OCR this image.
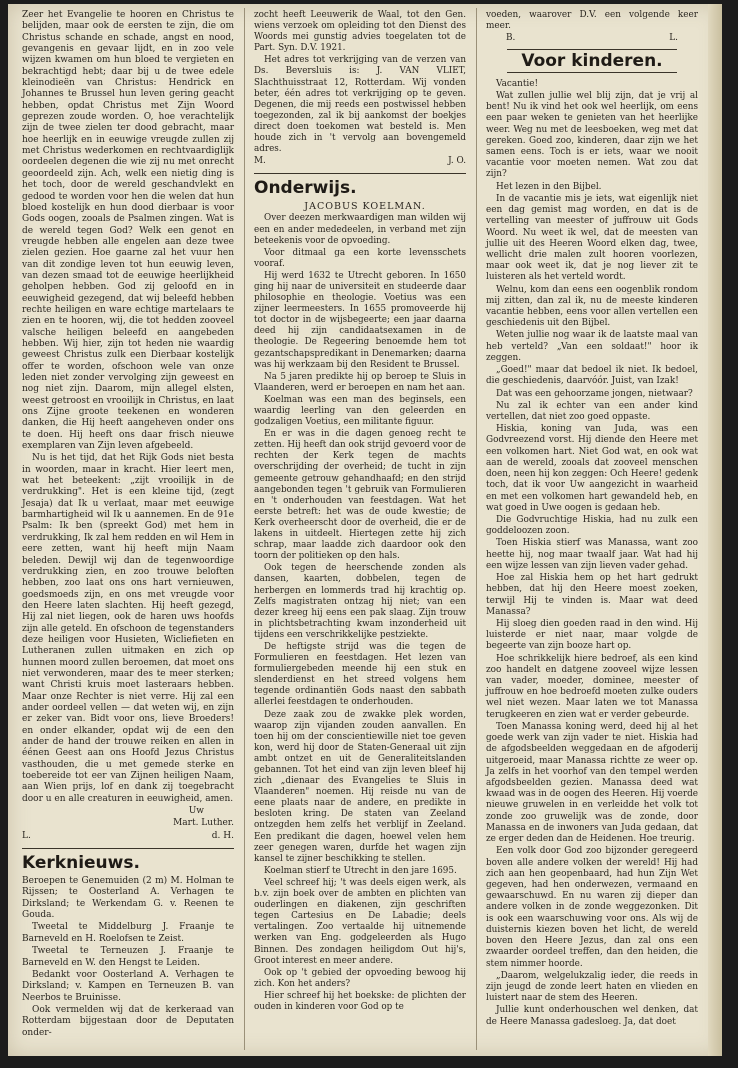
Zeer het Evangelie te hooren en Christus te belijden, maar ook de eersten te zijn, die om Christus schande en schade, angst en nood, gevangenis en gevaar lijdt, en in zoo vele wijzen kwamen om hun bloed te vergieten en bekrachtigd hebt; daar bij u de twee edele kleinodieën van Christus: Hendrick en Johannes te Brussel hun leven gering geacht hebben, opdat Christus met Zijn Woord geprezen zoude worden. O, hoe verachtelijk zijn de twee zielen ter dood gebracht, maar hoe heerlijk en in eeuwige vreugde zullen zij met Christus wederkomen en rechtvaardiglijk oordeelen degenen die wie zij nu met onrecht geoordeeld zijn. Ach, welk een nietig ding is het toch, door de wereld geschandvlekt en gedood te worden voor hen die welen dat hun bloed kostelijk en hun dood dierbaar is voor Gods oogen, zooals de Psalmen zingen. Wat is de wereld tegen God? Welk een genot en vreugde hebben alle engelen aan deze twee zielen gezien. Hoe gaarne zal het vuur hen van dit zondige leven tot hun eeuwig leven, van dezen smaad tot de eeuwige heerlijkheid geholpen hebben. God zij geloofd en in eeuwigheid gezegend, dat wij beleefd hebben rechte heiligen en ware echtige martelaars te zien en te hooren, wij, die tot hedden zooveel valsche heiligen beleefd en aangebeden hebben. Wij hier, zijn tot heden nie waardig geweest Christus zulk een Dierbaar kostelijk offer te worden, ofschoon wele van onze leden niet zonder vervolging zijn geweest en nog niet zijn. Daarom, mijn allegel elsten, weest getroost en vrooilijk in Christus, en laat ons Zijne groote teekenen en wonderen danken, die Hij heeft aangeheven onder ons te doen. Hij heeft ons daar frisch nieuwe exemplaren van Zijn leven afgebeeld.

Nu is het tijd, dat het Rijk Gods niet besta in woorden, maar in kracht. Hier leert men, wat het beteekent: „zijt vrooilijk in de verdrukking". Het is een kleine tijd, (zegt Jesaja) dat Ik u verlaat, maar met eeuwige barmhartigheid wil Ik u aannemen. En de 91e Psalm: Ik ben (spreekt God) met hem in verdrukking, Ik zal hem redden en wil Hem in eere zetten, want hij heeft mijn Naam beleden. Dewijl wij dan de tegenwoordige verdrukking zien, en zoo trouwe beloften hebben, zoo laat ons ons hart vernieuwen, goedsmoeds zijn, en ons met vreugde voor den Heere laten slachten. Hij heeft gezegd, Hij zal niet liegen, ook de haren uws hoofds zijn alle geteld. En ofschoon de tegenstanders deze heiligen voor Husieten, Wicliefieten en Lutheranen zullen uitmaken en zich op hunnen moord zullen beroemen, dat moet ons niet verwonderen, maar des te meer sterken; want Christi kruis moet lasteraars hebben. Maar onze Rechter is niet verre. Hij zal een ander oordeel vellen — dat weten wij, en zijn er zeker van. Bidt voor ons, lieve Broeders! en onder elkander, opdat wij de een den ander de hand der trouwe reiken en allen in éénen Geest aan ons Hoofd Jezus Christus vasthouden, die u met gemede sterke en toebereide tot eer van Zijnen heiligen Naam, aan Wien prijs, lof en dank zij toegebracht door u en alle creaturen in eeuwigheid, amen.

Uw

Mart. Luther.

L.	d. H.
Kerknieuws.

Beroepen te Genemuiden (2 m) M. Holman te Rijssen; te Oosterland A. Verhagen te Dirksland; te Werkendam G. v. Reenen te Gouda.

Tweetal te Middelburg J. Fraanje te Barneveld en H. Roelofsen te Zeist.

Tweetal te Terneuzen J. Fraanje te Barneveld en W. den Hengst te Leiden.

Bedankt voor Oosterland A. Verhagen te Dirksland; v. Kampen en Terneuzen B. van Neerbos te Bruinisse.

Ook vermelden wij dat de kerkeraad van Rotterdam bijgestaan door de Deputaten onder-

zocht heeft Leeuwerik de Waal, tot den Gen. wiens verzoek om opleiding tot den Dienst des Woords mei gunstig advies toegelaten tot de Part. Syn. D.V. 1921.

Het adres tot verkrijging van de verzen van Ds. Beversluis is: J. VAN VLIET, Slachthuisstraat 12, Rotterdam. Wij vonden beter, één adres tot verkrijging op te geven. Degenen, die mij reeds een postwissel hebben toegezonden, zal ik bij aankomst der boekjes direct doen toekomen wat besteld is. Men houde zich in 't vervolg aan bovengemeld adres.

M.	J. O.
Onderwijs.

JACOBUS KOELMAN.

Over deezen merkwaardigen man wilden wij een en ander mededeelen, in verband met zijn beteekenis voor de opvoeding.

Voor ditmaal ga een korte levensschets vooraf.

Hij werd 1632 te Utrecht geboren. In 1650 ging hij naar de universiteit en studeerde daar philosophie en theologie. Voetius was een zijner leermeesters. In 1655 promoveerde hij tot doctor in de wijsbegeerte; een jaar daarna deed hij zijn candidaatsexamen in de theologie. De Regeering benoemde hem tot gezantschapspredikant in Denemarken; daarna was hij werkzaam bij den Resident te Brussel.

Na 5 jaren predikte hij op beroep te Sluis in Vlaanderen, werd er beroepen en nam het aan.

Koelman was een man des beginsels, een waardig leerling van den geleerden en godzaligen Voetius, een militante figuur.

En er was in die dagen genoeg recht te zetten. Hij heeft dan ook strijd gevoerd voor de rechten der Kerk tegen de machts overschrijding der overheid; de tucht in zijn gemeente getrouw gehandhaafd; en den strijd aangebonden tegen 't gebruik van Formulieren en 't onderhouden van feestdagen. Wat het eerste betreft: het was de oude kwestie; de Kerk overheerscht door de overheid, die er de lakens in uitdeelt. Hiertegen zette hij zich schrap, maar laadde zich daardoor ook den toorn der politieken op den hals.

Ook tegen de heerschende zonden als dansen, kaarten, dobbelen, tegen de herbergen en lommerds trad hij krachtig op. Zelfs magistraten ontzag hij niet; van een dezer kreeg hij eens een pak slaag. Zijn trouw in plichtsbetrachting kwam inzonderheid uit tijdens een verschrikkelijke pestziekte.

De heftigste strijd was die tegen de Formulieren en feestdagen. Het lezen van formuliergebeden meende hij een stuk en slenderdienst en het streed volgens hem tegende ordinantiën Gods naast den sabbath allerlei feestdagen te onderhouden.

Deze zaak zou de zwakke plek worden, waarop zijn vijanden zouden aanvallen. En toen hij om der conscientiewille niet toe geven kon, werd hij door de Staten-Generaal uit zijn ambt ontzet en uit de Generaliteitslanden gebannen. Tot het eind van zijn leven bleef hij zich „dienaar des Evangelies te Sluis in Vlaanderen" noemen. Hij reisde nu van de eene plaats naar de andere, en predikte in besloten kring. De staten van Zeeland ontzegden hem zelfs het verblijf in Zeeland. Een predikant die dagen, hoewel velen hem zeer genegen waren, durfde het wagen zijn kansel te zijner beschikking te stellen.

Koelman stierf te Utrecht in den jare 1695.

Veel schreef hij; 't was deels eigen werk, als b.v. zijn boek over de ambten en plichten van ouderlingen en diakenen, zijn geschriften tegen Cartesius en De Labadie; deels vertalingen. Zoo vertaalde hij uitnemende werken van Eng. godgeleerden als Hugo Binnen. Des zondagen heiligdom Out hij's, Groot interest en meer andere.

Ook op 't gebied der opvoeding bewoog hij zich. Kon het anders?

Hier schreef hij het boekske: de plichten der ouden in kinderen voor God op te

voeden, waarover D.V. een volgende keer meer.

B.	L.
Voor kinderen.

Vacantie!

Wat zullen jullie wel blij zijn, dat je vrij al bent! Nu ik vind het ook wel heerlijk, om eens een paar weken te genieten van het heerlijke weer. Weg nu met de leesboeken, weg met dat gereken. Goed zoo, kinderen, daar zijn we het samen eens. Toch is er iets, waar we nooit vacantie voor moeten nemen. Wat zou dat zijn?

Het lezen in den Bijbel.

In de vacantie mis je iets, wat eigenlijk niet een dag gemist mag worden, en dat is de vertelling van meester of juffrouw uit Gods Woord. Nu weet ik wel, dat de meesten van jullie uit des Heeren Woord elken dag, twee, wellicht drie malen zult hooren voorlezen, maar ook weet ik, dat je nog liever zit te luisteren als het verteld wordt.

Welnu, kom dan eens een oogenblik rondom mij zitten, dan zal ik, nu de meeste kinderen vacantie hebben, eens voor allen vertellen een geschiedenis uit den Bijbel.

Weten jullie nog waar ik de laatste maal van heb verteld? „Van een soldaat!" hoor ik zeggen.

„Goed!" maar dat bedoel ik niet. Ik bedoel, die geschiedenis, daarvóór. Juist, van Izak!

Dat was een gehoorzame jongen, nietwaar?

Nu zal ik echter van een ander kind vertellen, dat niet zoo goed oppaste.

Hiskia, koning van Juda, was een Godvreezend vorst. Hij diende den Heere met een volkomen hart. Niet God wat, en ook wat aan de wereld, zooals dat zooveel menschen doen, neen hij kon zeggen: Och Heere! gedenk toch, dat ik voor Uw aangezicht in waarheid en met een volkomen hart gewandeld heb, en wat goed in Uwe oogen is gedaan heb.

Die Godvruchtige Hiskia, had nu zulk een goddeloozen zoon.

Toen Hiskia stierf was Manassa, want zoo heette hij, nog maar twaalf jaar. Wat had hij een wijze lessen van zijn lieven vader gehad.

Hoe zal Hiskia hem op het hart gedrukt hebben, dat hij den Heere moest zoeken, terwijl Hij te vinden is. Maar wat deed Manassa?

Hij sloeg dien goeden raad in den wind. Hij luisterde er niet naar, maar volgde de begeerte van zijn booze hart op.

Hoe schrikkelijk hiere bedroef, als een kind zoo handelt en datgene zooveel wijze lessen van vader, moeder, dominee, meester of juffrouw en hoe bedroefd moeten zulke ouders wel niet wezen. Maar laten we tot Manassa terugkeeren en zien wat er verder gebeurde.

Toen Manassa koning werd, deed hij al het goede werk van zijn vader te niet. Hiskia had de afgodsbeelden weggedaan en de afgoderij uitgeroeid, maar Manassa richtte ze weer op. Ja zelfs in het voorhof van den tempel werden afgodsbeelden gezien. Manassa deed wat kwaad was in de oogen des Heeren. Hij voerde nieuwe gruwelen in en verleidde het volk tot zonde zoo gruwelijk was de zonde, door Manassa en de inwoners van Juda gedaan, dat ze erger deden dan de Heidenen. Hoe treurig.

Een volk door God zoo bijzonder geregeerd boven alle andere volken der wereld! Hij had zich aan hen geopenbaard, had hun Zijn Wet gegeven, had hen onderwezen, vermaand en gewaarschuwd. En nu waren zij dieper dan andere volken in de zonde weggezonken. Dit is ook een waarschuwing voor ons. Als wij de duisternis kiezen boven het licht, de wereld boven den Heere Jezus, dan zal ons een zwaarder oordeel treffen, dan den heiden, die stem nimmer hoorde.

„Daarom, welgelukzalig ieder, die reeds in zijn jeugd de zonde leert haten en vlieden en luistert naar de stem des Heeren.

Jullie kunt onderhouschen wel denken, dat de Heere Manassa gadesloeg. Ja, dat doet
